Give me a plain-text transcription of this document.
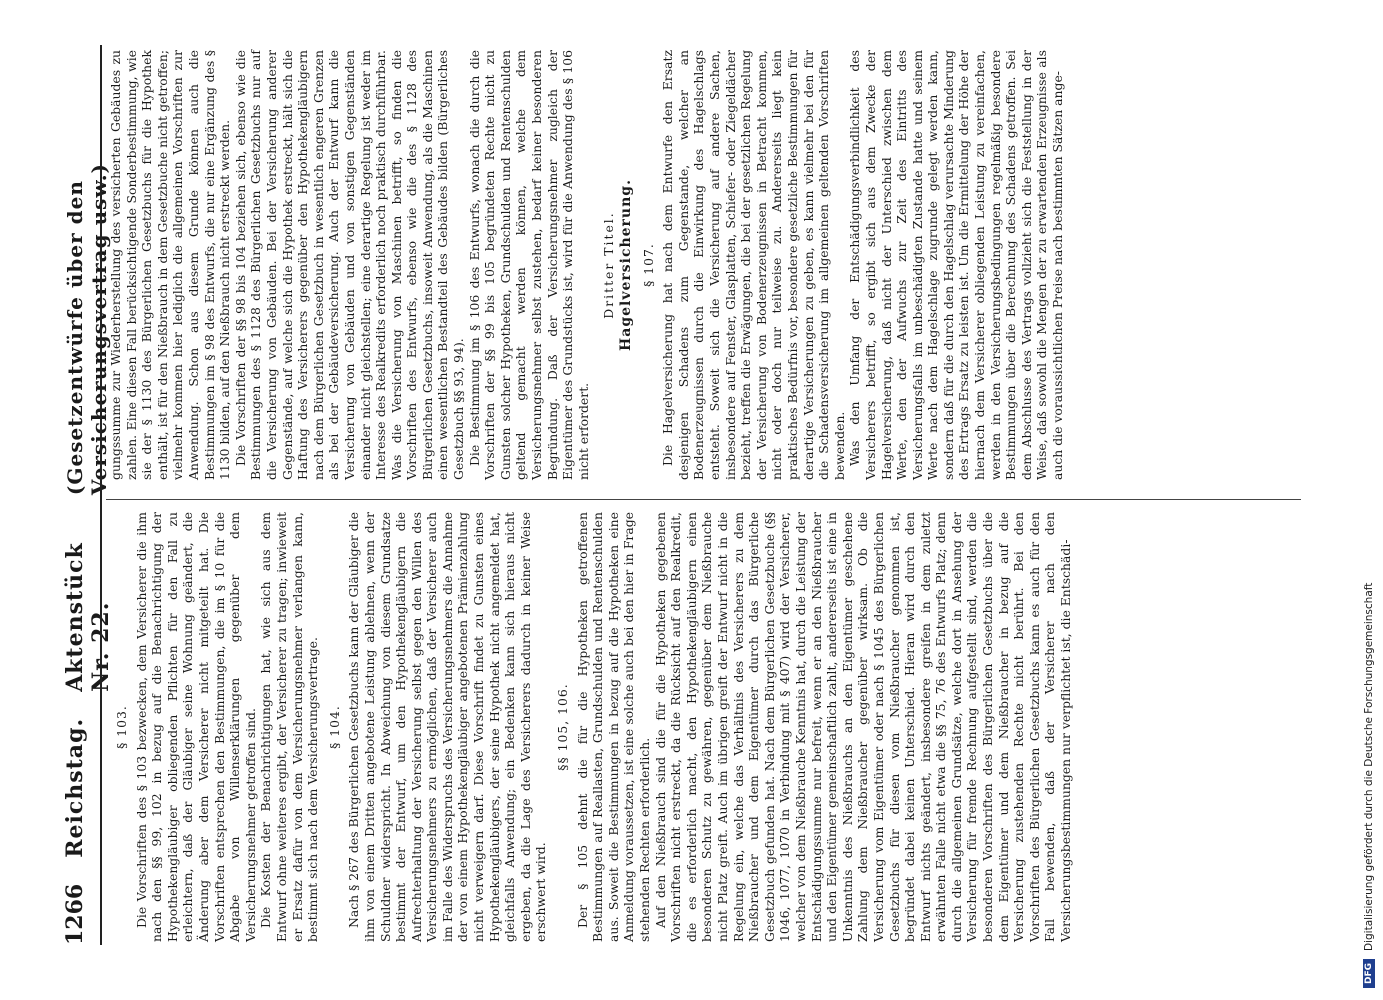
1266
Reichstag.
Aktenstück Nr. 22.
(Gesetzentwürfe über den Versicherungsvertrag usw.)
§ 103. Die Vorschriften des § 103 bezwecken, dem Versicherer die ihm nach den §§ 99, 102 in bezug auf die Benachrichtigung der Hypothekengläubiger obliegenden Pflichten für den Fall zu erleichtern, daß der Gläubiger seine Wohnung geändert, die Änderung aber dem Versicherer nicht mitgeteilt hat. Die Vorschriften entsprechen den Bestimmungen, die im § 10 für die Abgabe von Willenserklärungen gegenüber dem Versicherungsnehmer getroffen sind. Die Kosten der Benachrichtigungen hat, wie sich aus dem Entwurf ohne weiteres ergibt, der Versicherer zu tragen; inwieweit er Ersatz dafür von dem Versicherungsnehmer verlangen kann, bestimmt sich nach dem Versicherungsvertrage. § 104. Nach § 267 des Bürgerlichen Gesetzbuchs kann der Gläubiger die ihm von einem Dritten angebotene Leistung ablehnen, wenn der Schuldner widerspricht. In Abweichung von diesem Grundsatze bestimmt der Entwurf, um den Hypothekengläubigern die Aufrechterhaltung der Versicherung selbst gegen den Willen des Versicherungsnehmers zu ermöglichen, daß der Versicherer auch im Falle des Widerspruchs des Versicherungsnehmers die Annahme der von einem Hypothekengläubiger angebotenen Prämienzahlung nicht verweigern darf. Diese Vorschrift findet zu Gunsten eines Hypothekengläubigers, der seine Hypothek nicht angemeldet hat, gleichfalls Anwendung; ein Bedenken kann sich hieraus nicht ergeben, da die Lage des Versicherers dadurch in keiner Weise erschwert wird.

§§ 105, 106. Der § 105 dehnt die für die Hypotheken getroffenen Bestimmungen auf Reallasten, Grundschulden und Rentenschulden aus. Soweit die Bestimmungen in bezug auf die Hypotheken eine Anmeldung voraussetzen, ist eine solche auch bei den hier in Frage stehenden Rechten erforderlich. Auf den Nießbrauch sind die für die Hypotheken gegebenen Vorschriften nicht erstreckt, da die Rücksicht auf den Realkredit, die es erforderlich macht, den Hypothekengläubigern einen besonderen Schutz zu gewähren, gegenüber dem Nießbrauche nicht Platz greift. Auch im übrigen greift der Entwurf nicht in die Regelung ein, welche das Verhältnis des Versicherers zu dem Nießbraucher und dem Eigentümer durch das Bürgerliche Gesetzbuch gefunden hat. Nach dem Bürgerlichen Gesetzbuche (§§ 1046, 1077, 1070 in Verbindung mit § 407) wird der Versicherer, welcher von dem Nießbrauche Kenntnis hat, durch die Leistung der Entschädigungssumme nur befreit, wenn er an den Nießbraucher und den Eigentümer gemeinschaftlich zahlt, andererseits ist eine in Unkenntnis des Nießbrauchs an den Eigentümer geschehene Zahlung dem Nießbraucher gegenüber wirksam. Ob die Versicherung vom Eigentümer oder nach § 1045 des Bürgerlichen Gesetzbuchs für diesen vom Nießbraucher genommen ist, begründet dabei keinen Unterschied. Hieran wird durch den Entwurf nichts geändert, insbesondere greifen in dem zuletzt erwähnten Falle nicht etwa die §§ 75, 76 des Entwurfs Platz; denn durch die allgemeinen Grundsätze, welche dort in Ansehung der Versicherung für fremde Rechnung aufgestellt sind, werden die besonderen Vorschriften des Bürgerlichen Gesetzbuchs über die dem Eigentümer und dem Nießbraucher in bezug auf die Versicherung zustehenden Rechte nicht berührt. Bei den Vorschriften des Bürgerlichen Gesetzbuchs kann es auch für den Fall bewenden, daß der Versicherer nach den Versicherungsbestimmungen nur verpflichtet ist, die Entschädi-

gungssumme zur Wiederherstellung des versicherten Gebäudes zu zahlen. Eine diesen Fall berücksichtigende Sonderbestimmung, wie sie der § 1130 des Bürgerlichen Gesetzbuchs für die Hypothek enthält, ist für den Nießbrauch in dem Gesetzbuche nicht getroffen; vielmehr kommen hier lediglich die allgemeinen Vorschriften zur Anwendung. Schon aus diesem Grunde können auch die Bestimmungen im § 98 des Entwurfs, die nur eine Ergänzung des § 1130 bilden, auf den Nießbrauch nicht erstreckt werden. Die Vorschriften der §§ 98 bis 104 beziehen sich, ebenso wie die Bestimmungen des § 1128 des Bürgerlichen Gesetzbuchs nur auf die Versicherung von Gebäuden. Bei der Versicherung anderer Gegenstände, auf welche sich die Hypothek erstreckt, hält sich die Haftung des Versicherers gegenüber den Hypothekengläubigern nach dem Bürgerlichen Gesetzbuch in wesentlich engeren Grenzen als bei der Gebäudeversicherung. Auch der Entwurf kann die Versicherung von Gebäuden und von sonstigen Gegenständen einander nicht gleichstellen; eine derartige Regelung ist weder im Interesse des Realkredits erforderlich noch praktisch durchführbar. Was die Versicherung von Maschinen betrifft, so finden die Vorschriften des Entwurfs, ebenso wie die des § 1128 des Bürgerlichen Gesetzbuchs, insoweit Anwendung, als die Maschinen einen wesentlichen Bestandteil des Gebäudes bilden (Bürgerliches Gesetzbuch §§ 93, 94). Die Bestimmung im § 106 des Entwurfs, wonach die durch die Vorschriften der §§ 99 bis 105 begründeten Rechte nicht zu Gunsten solcher Hypotheken, Grundschulden und Rentenschulden geltend gemacht werden können, welche dem Versicherungsnehmer selbst zustehen, bedarf keiner besonderen Begründung. Daß der Versicherungsnehmer zugleich der Eigentümer des Grundstücks ist, wird für die Anwendung des § 106 nicht erfordert.

Dritter Titel. Hagelversicherung. § 107. Die Hagelversicherung hat nach dem Entwurfe den Ersatz desjenigen Schadens zum Gegenstande, welcher an Bodenerzeugnissen durch die Einwirkung des Hagelschlags entsteht. Soweit sich die Versicherung auf andere Sachen, insbesondere auf Fenster, Glasplatten, Schiefer- oder Ziegeldächer bezieht, treffen die Erwägungen, die bei der gesetzlichen Regelung der Versicherung von Bodenerzeugnissen in Betracht kommen, nicht oder doch nur teilweise zu. Andererseits liegt kein praktisches Bedürfnis vor, besondere gesetzliche Bestimmungen für derartige Versicherungen zu geben, es kann vielmehr bei den für die Schadensversicherung im allgemeinen geltenden Vorschriften bewenden. Was den Umfang der Entschädigungsverbindlichkeit des Versicherers betrifft, so ergibt sich aus dem Zwecke der Hagelversicherung, daß nicht der Unterschied zwischen dem Werte, den der Aufwuchs zur Zeit des Eintritts des Versicherungsfalls im unbeschädigten Zustande hatte und seinem Werte nach dem Hagelschlage zugrunde gelegt werden kann, sondern daß für die durch den Hagelschlag verursachte Minderung des Ertrags Ersatz zu leisten ist. Um die Ermittelung der Höhe der hiernach dem Versicherer obliegenden Leistung zu vereinfachen, werden in den Versicherungsbedingungen regelmäßig besondere Bestimmungen über die Berechnung des Schadens getroffen. Sei dem Abschlusse des Vertrags vollzieht sich die Feststellung in der Weise, daß sowohl die Mengen der zu erwartenden Erzeugnisse als auch die voraussichtlichen Preise nach bestimmten Sätzen ange-

DFG
Digitalisierung gefördert durch die Deutsche Forschungsgemeinschaft
